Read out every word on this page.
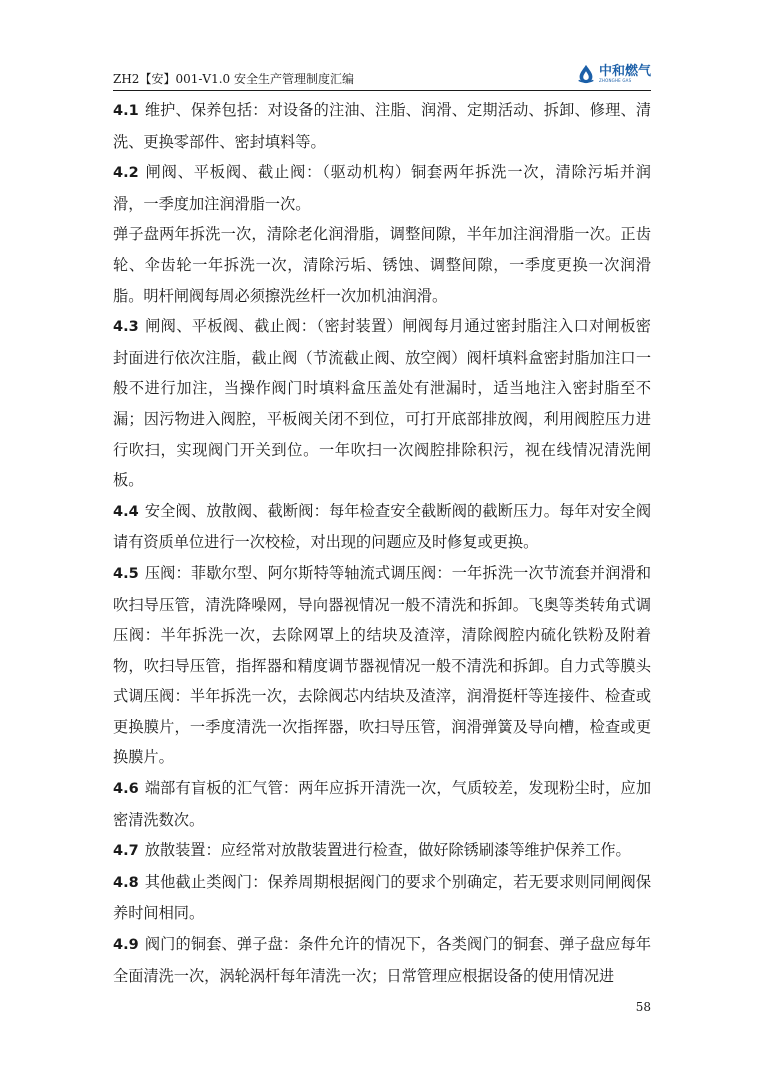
ZH2【安】001-V1.0 安全生产管理制度汇编
中和燃气
ZHONGHE GAS

4.1 维护、保养包括：对设备的注油、注脂、润滑、定期活动、拆卸、修理、清洗、更换零部件、密封填料等。

4.2 闸阀、平板阀、截止阀：（驱动机构）铜套两年拆洗一次，清除污垢并润滑，一季度加注润滑脂一次。

弹子盘两年拆洗一次，清除老化润滑脂，调整间隙，半年加注润滑脂一次。正齿轮、伞齿轮一年拆洗一次，清除污垢、锈蚀、调整间隙，一季度更换一次润滑脂。明杆闸阀每周必须擦洗丝杆一次加机油润滑。

4.3 闸阀、平板阀、截止阀：（密封装置）闸阀每月通过密封脂注入口对闸板密封面进行依次注脂，截止阀（节流截止阀、放空阀）阀杆填料盒密封脂加注口一般不进行加注，当操作阀门时填料盒压盖处有泄漏时，适当地注入密封脂至不漏；因污物进入阀腔，平板阀关闭不到位，可打开底部排放阀，利用阀腔压力进行吹扫，实现阀门开关到位。一年吹扫一次阀腔排除积污，视在线情况清洗闸板。

4.4 安全阀、放散阀、截断阀：每年检查安全截断阀的截断压力。每年对安全阀请有资质单位进行一次校检，对出现的问题应及时修复或更换。

4.5 压阀：菲歇尔型、阿尔斯特等轴流式调压阀：一年拆洗一次节流套并润滑和吹扫导压管，清洗降噪网，导向器视情况一般不清洗和拆卸。飞奥等类转角式调压阀：半年拆洗一次，去除网罩上的结块及渣滓，清除阀腔内硫化铁粉及附着物，吹扫导压管，指挥器和精度调节器视情况一般不清洗和拆卸。自力式等膜头式调压阀：半年拆洗一次，去除阀芯内结块及渣滓，润滑挺杆等连接件、检查或更换膜片，一季度清洗一次指挥器，吹扫导压管，润滑弹簧及导向槽，检查或更换膜片。

4.6 端部有盲板的汇气管：两年应拆开清洗一次，气质较差，发现粉尘时，应加密清洗数次。

4.7 放散装置：应经常对放散装置进行检查，做好除锈刷漆等维护保养工作。

4.8 其他截止类阀门：保养周期根据阀门的要求个别确定，若无要求则同闸阀保养时间相同。

4.9 阀门的铜套、弹子盘：条件允许的情况下，各类阀门的铜套、弹子盘应每年全面清洗一次，涡轮涡杆每年清洗一次；日常管理应根据设备的使用情况进

58
